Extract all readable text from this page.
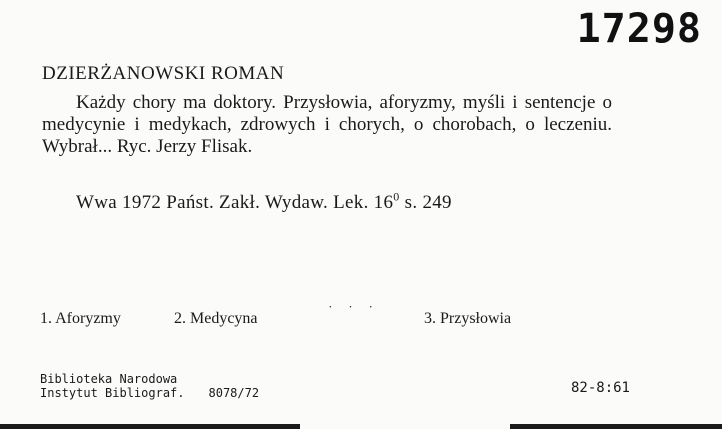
17298
DZIERŻANOWSKI ROMAN
Każdy chory ma doktory. Przysłowia, aforyzmy, myśli i sentencje o medycynie i medykach, zdrowych i chorych, o chorobach, o leczeniu. Wybrał... Ryc. Jerzy Flisak.
Wwa 1972 Państ. Zakł. Wydaw. Lek. $16^0$ s. 249
1. Aforyzmy	2. Medycyna	˙ ˙ ˙	3. Przysłowia
Biblioteka Narodowa
Instytut Bibliograf. 8078/72	82-8:61
